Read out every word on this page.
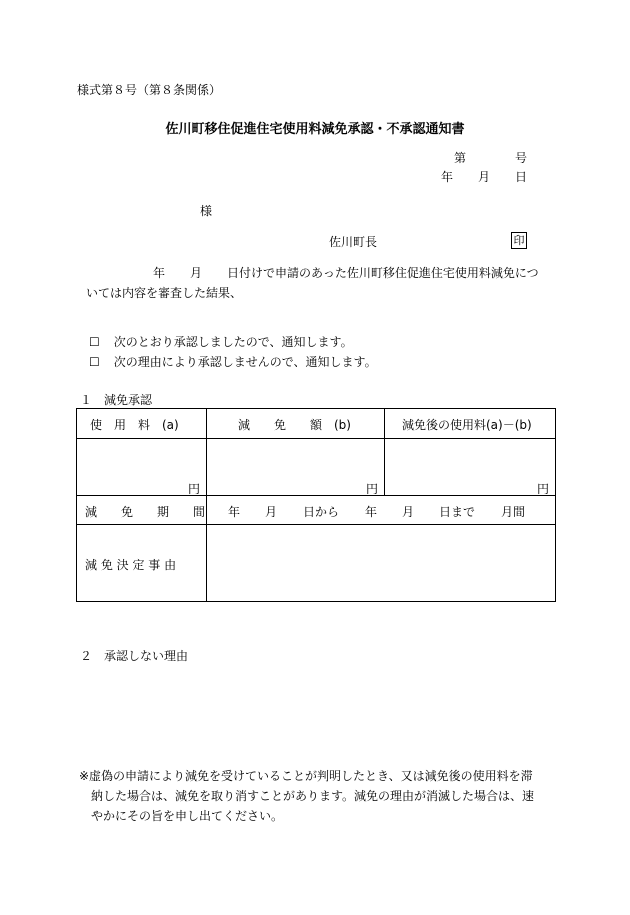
様式第８号（第８条関係）
佐川町移住促進住宅使用料減免承認・不承認通知書
第	号
年 月 日
様
佐川町長	印
年 月 日付けで申請のあった佐川町移住促進住宅使用料減免につ
いては内容を審査した結果、
☐ 次のとおり承認しましたので、通知します。
☐ 次の理由により承認しませんので、通知します。
１　減免承認
使　用　料　(a)	減　　免　　額　(b)	減免後の使用料(a)－(b)
円	円	円
減　　免　　期　　間 年 月 日から 年 月 日まで 月間
減 免 決 定 事 由
２　承認しない理由
※虚偽の申請により減免を受けていることが判明したとき、又は減免後の使用料を滞
納した場合は、減免を取り消すことがあります。減免の理由が消滅した場合は、速
やかにその旨を申し出てください。
